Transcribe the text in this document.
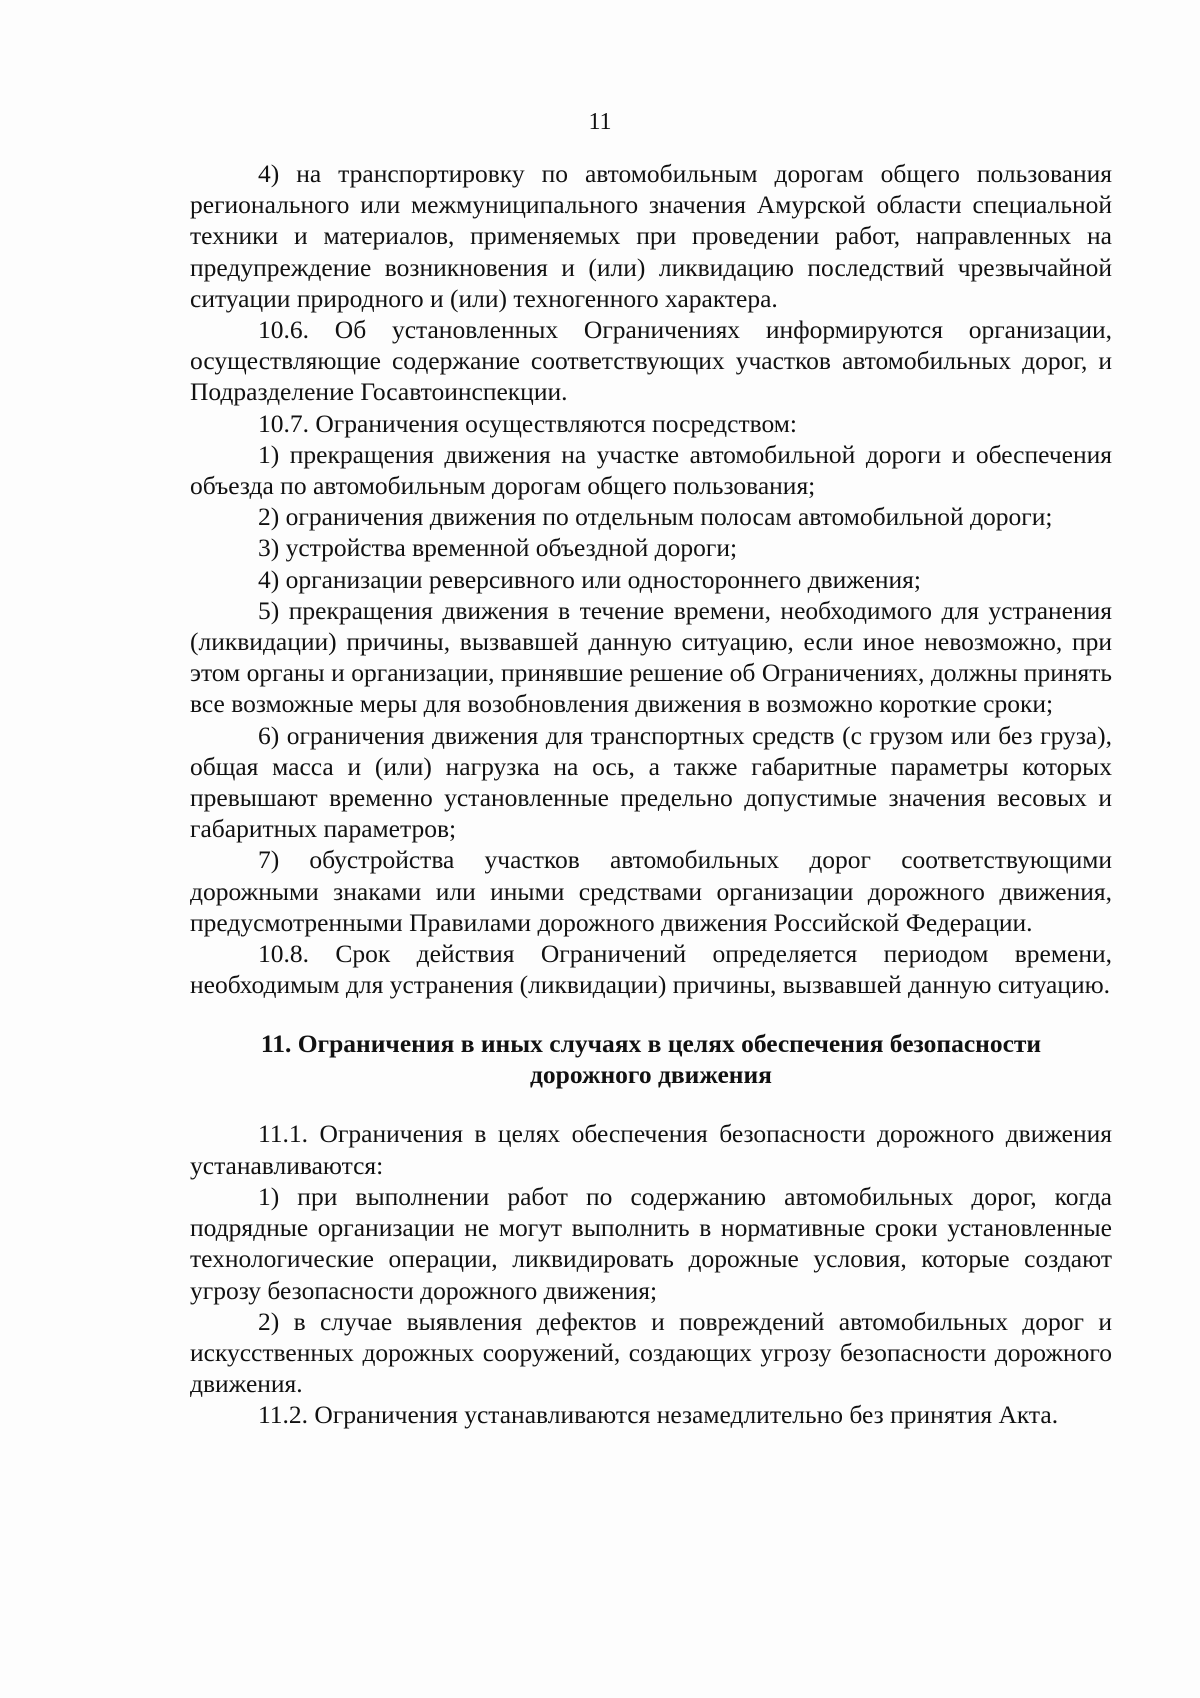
11

4) на транспортировку по автомобильным дорогам общего пользования регионального или межмуниципального значения Амурской области специальной техники и материалов, применяемых при проведении работ, направленных на предупреждение возникновения и (или) ликвидацию последствий чрезвычайной ситуации природного и (или) техногенного характера.

10.6. Об установленных Ограничениях информируются организации, осуществляющие содержание соответствующих участков автомобильных дорог, и Подразделение Госавтоинспекции.

10.7. Ограничения осуществляются посредством:

1) прекращения движения на участке автомобильной дороги и обеспечения объезда по автомобильным дорогам общего пользования;

2) ограничения движения по отдельным полосам автомобильной дороги;

3) устройства временной объездной дороги;

4) организации реверсивного или одностороннего движения;

5) прекращения движения в течение времени, необходимого для устранения (ликвидации) причины, вызвавшей данную ситуацию, если иное невозможно, при этом органы и организации, принявшие решение об Ограничениях, должны принять все возможные меры для возобновления движения в возможно короткие сроки;

6) ограничения движения для транспортных средств (с грузом или без груза), общая масса и (или) нагрузка на ось, а также габаритные параметры которых превышают временно установленные предельно допустимые значения весовых и габаритных параметров;

7) обустройства участков автомобильных дорог соответствующими дорожными знаками или иными средствами организации дорожного движения, предусмотренными Правилами дорожного движения Российской Федерации.

10.8. Срок действия Ограничений определяется периодом времени, необходимым для устранения (ликвидации) причины, вызвавшей данную ситуацию.

11. Ограничения в иных случаях в целях обеспечения безопасности
дорожного движения

11.1. Ограничения в целях обеспечения безопасности дорожного движения устанавливаются:

1) при выполнении работ по содержанию автомобильных дорог, когда подрядные организации не могут выполнить в нормативные сроки установленные технологические операции, ликвидировать дорожные условия, которые создают угрозу безопасности дорожного движения;

2) в случае выявления дефектов и повреждений автомобильных дорог и искусственных дорожных сооружений, создающих угрозу безопасности дорожного движения.

11.2. Ограничения устанавливаются незамедлительно без принятия Акта.
